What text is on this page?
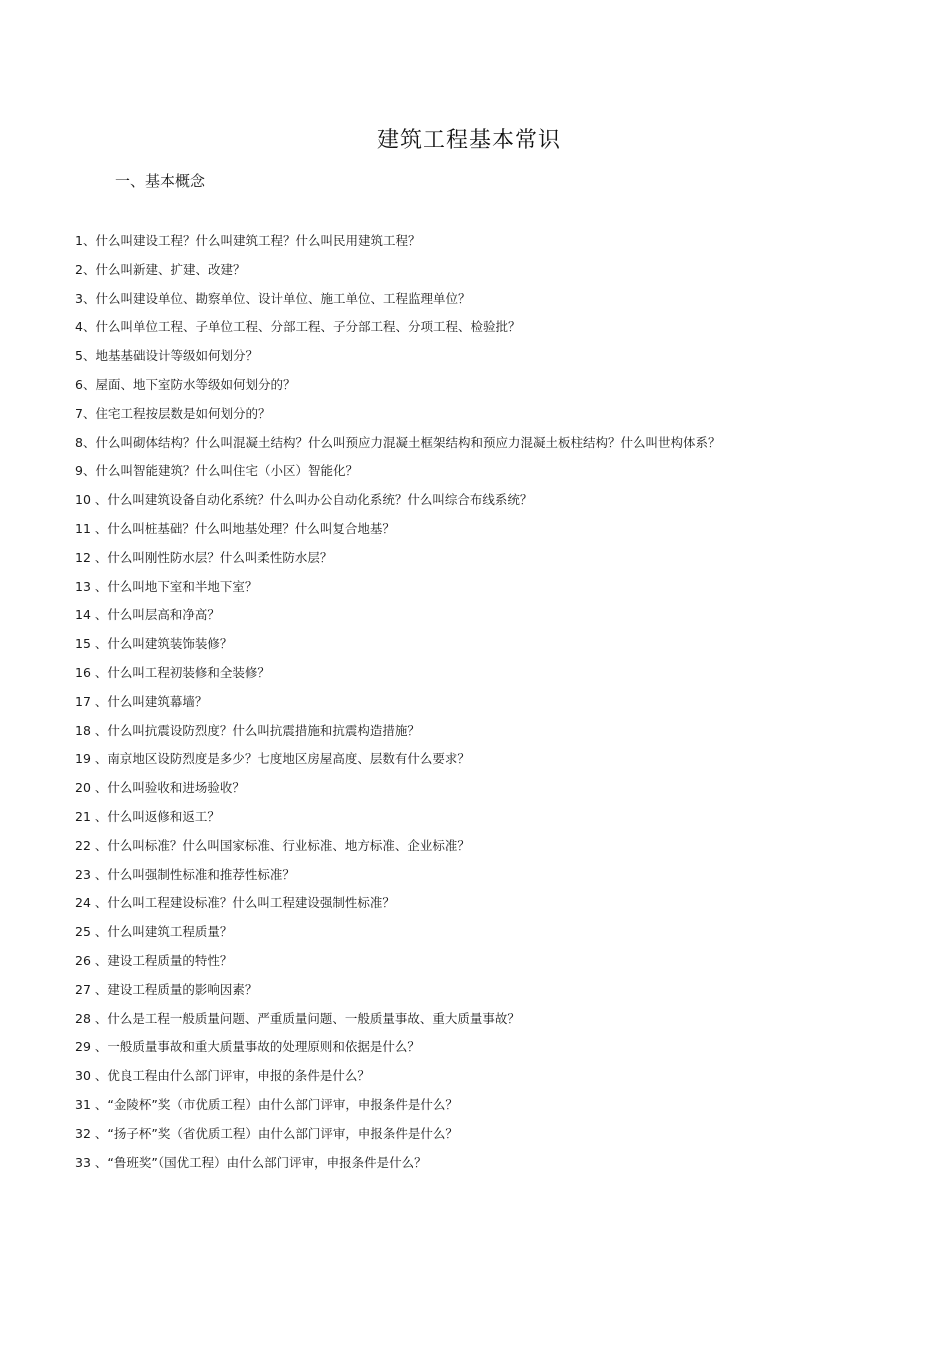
建筑工程基本常识
一、基本概念
1、什么叫建设工程？什么叫建筑工程？什么叫民用建筑工程？
2、什么叫新建、扩建、改建？
3、什么叫建设单位、勘察单位、设计单位、施工单位、工程监理单位？
4、什么叫单位工程、子单位工程、分部工程、子分部工程、分项工程、检验批？
5、地基基础设计等级如何划分？
6、屋面、地下室防水等级如何划分的？
7、住宅工程按层数是如何划分的？
8、什么叫砌体结构？什么叫混凝土结构？什么叫预应力混凝土框架结构和预应力混凝土板柱结构？什么叫世构体系？
9、什么叫智能建筑？什么叫住宅（小区）智能化？
10 、什么叫建筑设备自动化系统？什么叫办公自动化系统？什么叫综合布线系统？
11 、什么叫桩基础？什么叫地基处理？什么叫复合地基？
12 、什么叫刚性防水层？什么叫柔性防水层？
13 、什么叫地下室和半地下室？
14 、什么叫层高和净高？
15 、什么叫建筑装饰装修？
16 、什么叫工程初装修和全装修？
17 、什么叫建筑幕墙？
18 、什么叫抗震设防烈度？什么叫抗震措施和抗震构造措施？
19 、南京地区设防烈度是多少？七度地区房屋高度、层数有什么要求？
20 、什么叫验收和进场验收？
21 、什么叫返修和返工？
22 、什么叫标准？什么叫国家标准、行业标准、地方标准、企业标准？
23 、什么叫强制性标准和推荐性标准？
24 、什么叫工程建设标准？什么叫工程建设强制性标准？
25 、什么叫建筑工程质量？
26 、建设工程质量的特性？
27 、建设工程质量的影响因素？
28 、什么是工程一般质量问题、严重质量问题、一般质量事故、重大质量事故？
29 、一般质量事故和重大质量事故的处理原则和依据是什么？
30 、优良工程由什么部门评审，申报的条件是什么？
31 、“金陵杯”奖（市优质工程）由什么部门评审，申报条件是什么？
32 、“扬子杯”奖（省优质工程）由什么部门评审，申报条件是什么？
33 、“鲁班奖”（国优工程）由什么部门评审，申报条件是什么？
